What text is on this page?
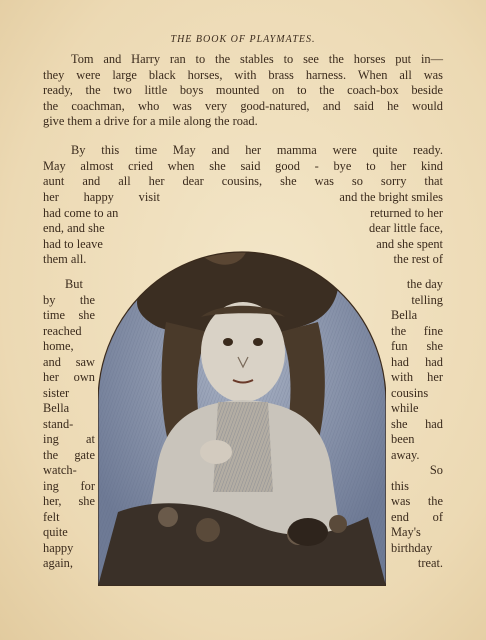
THE BOOK OF PLAYMATES.

Tom and Harry ran to the stables to see the horses put in—
they were large black horses, with brass harness. When all was
ready, the two little boys mounted on to the coach-box beside
the coachman, who was very good-natured, and said he would
give them a drive for a mile along the road.

By this time May and her mamma were quite ready.
May almost cried when she said good - bye to her kind
aunt and all her dear cousins, she was so sorry that

her happy visit
had come to an
end, and she
had to leave
them all.
and the bright smiles
returned to her
dear little face,
and she spent
the rest of
But
by the
time she
reached
home,
and saw
her own
sister
Bella
stand-
ing at
the gate
watch-
ing for
her, she
felt
quite
happy
again,
the day
telling
Bella
the fine
fun she
had had
with her
cousins
while
she had
been
away.
So
this
was the
end of
May's
birthday
treat.
